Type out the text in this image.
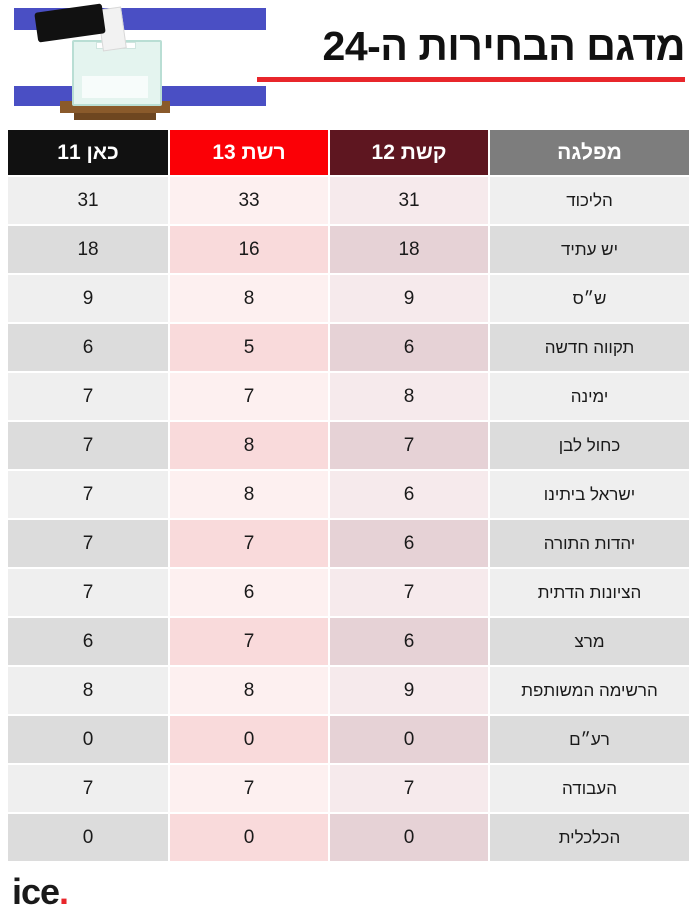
מדגם הבחירות ה-24
מפלגה
קשת 12
רשת 13
כאן 11
הליכוד
31
33
31
יש עתיד
18
16
18
ש״ס
9
8
9
תקווה חדשה
6
5
6
ימינה
8
7
7
כחול לבן
7
8
7
ישראל ביתינו
6
8
7
יהדות התורה
6
7
7
הציונות הדתית
7
6
7
מרצ
6
7
6
הרשימה המשותפת
9
8
8
רע״ם
0
0
0
העבודה
7
7
7
הכלכלית
0
0
0
ice.
